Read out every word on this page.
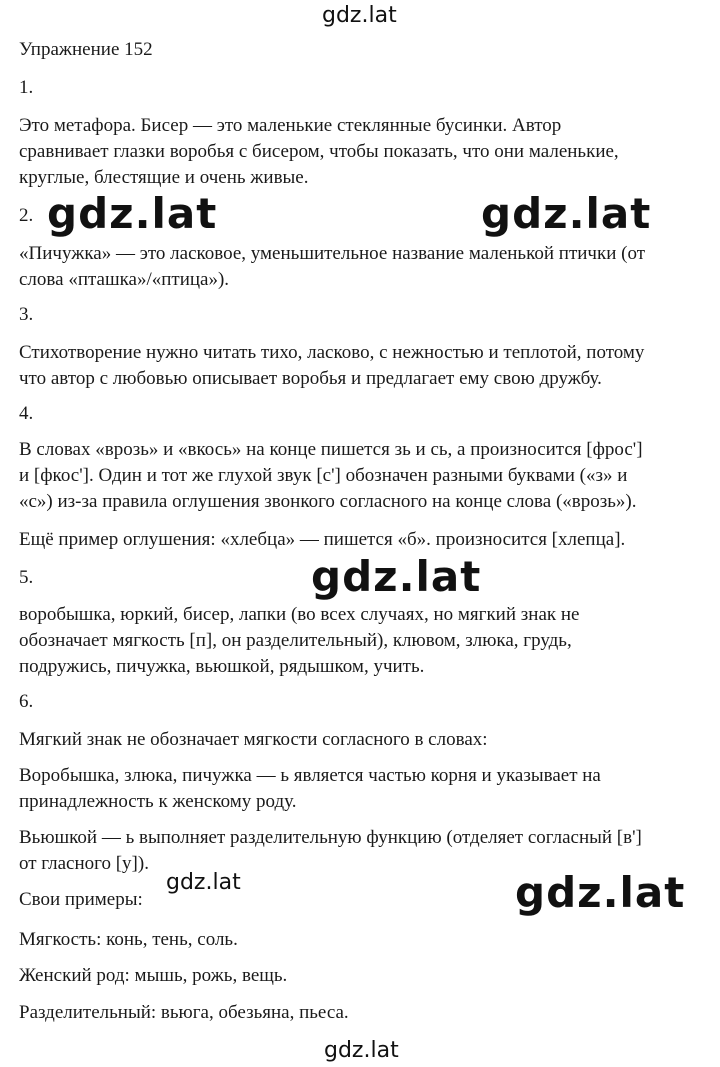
gdz.lat
Упражнение 152
1.
Это метафора. Бисер — это маленькие стеклянные бусинки. Автор
сравнивает глазки воробья с бисером, чтобы показать, что они маленькие,
круглые, блестящие и очень живые.
2.
«Пичужка» — это ласковое, уменьшительное название маленькой птички (от
слова «пташка»/«птица»).
3.
Стихотворение нужно читать тихо, ласково, с нежностью и теплотой, потому
что автор с любовью описывает воробья и предлагает ему свою дружбу.
4.
В словах «врозь» и «вкось» на конце пишется зь и сь, а произносится [фрос']
и [фкос']. Один и тот же глухой звук [с'] обозначен разными буквами («з» и
«с») из-за правила оглушения звонкого согласного на конце слова («врозь»).
Ещё пример оглушения: «хлебца» — пишется «б». произносится [хлепца].
5.
воробышка, юркий, бисер, лапки (во всех случаях, но мягкий знак не
обозначает мягкость [п], он разделительный), клювом, злюка, грудь,
подружись, пичужка, вьюшкой, рядышком, учить.
6.
Мягкий знак не обозначает мягкости согласного в словах:
Воробышка, злюка, пичужка — ь является частью корня и указывает на
принадлежность к женскому роду.
Вьюшкой — ь выполняет разделительную функцию (отделяет согласный [в']
от гласного [у]).
Свои примеры:
Мягкость: конь, тень, соль.
Женский род: мышь, рожь, вещь.
Разделительный: вьюга, обезьяна, пьеса.
gdz.lat	gdz.lat
gdz.lat
gdz.lat	gdz.lat
gdz.lat
